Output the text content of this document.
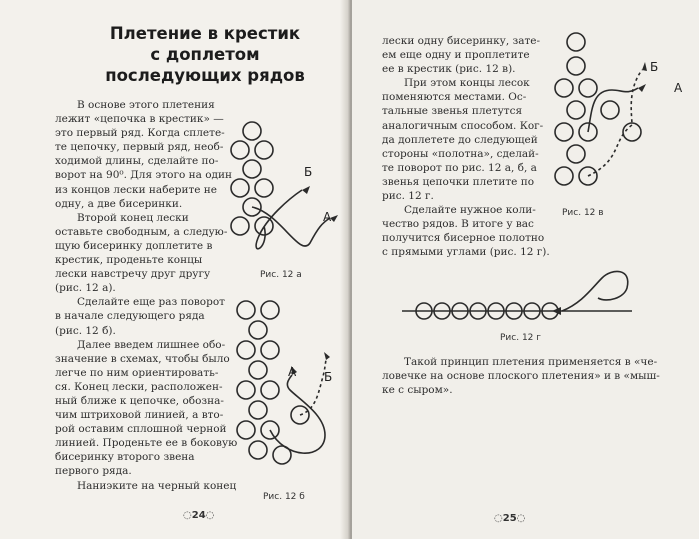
Плетение в крестик
с доплетом
последующих рядов
В основе этого плетения
лежит «цепочка в крестик» —
это первый ряд. Когда сплете-
те цепочку, первый ряд, необ-
ходимой длины, сделайте по-
ворот на 90⁰. Для этого на один
из концов лески наберите не
одну, а две бисеринки.
Второй конец лески
оставьте свободным, а следую-
щую бисеринку доплетите в
крестик, проденьте концы
лески навстречу друг другу
(рис. 12 а).
Сделайте еще раз поворот
в начале следующего ряда
(рис. 12 б).
Далее введем лишнее обо-
значение в схемах, чтобы было
легче по ним ориентировать-
ся. Конец лески, расположен-
ный ближе к цепочке, обозна-
чим штриховой линией, а вто-
рой оставим сплошной черной
линией. Проденьте ее в боковую
бисеринку второго звена
первого ряда.
Наниэките на черный конец
Б
А
Рис. 12 а
А Б
Рис. 12 б
◌24◌
лески одну бисеринку, зате-
ем еще одну и проплетите
ее в крестик (рис. 12 в).
При этом концы лесок
поменяются местами. Ос-
тальные звенья плетутся
аналогичным способом. Ког-
да доплетете до следующей
стороны «полотна», сделай-
те поворот по рис. 12 а, б, а
звенья цепочки плетите по
рис. 12 г.
Сделайте нужное коли-
чество рядов. В итоге у вас
получится бисерное полотно
с прямыми углами (рис. 12 г).
Б
А
Рис. 12 в
Рис. 12 г
Такой принцип плетения применяется в «че-
ловечке на основе плоского плетения» и в «мыш-
ке с сыром».
◌25◌
